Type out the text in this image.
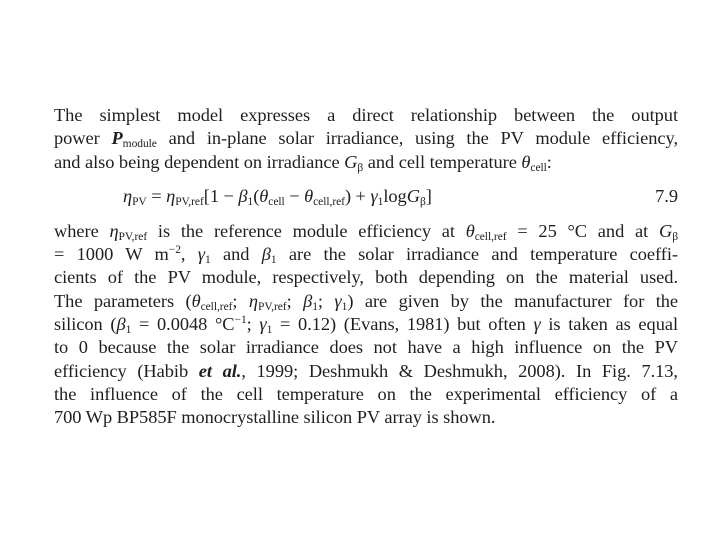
The simplest model expresses a direct relationship between the output
power $P_{module}$ and in-plane solar irradiance, using the PV module efficiency,
and also being dependent on irradiance $G_\beta$ and cell temperature $\theta_{cell}$:
$\eta_{PV} = \eta_{PV,ref}[1 - \beta_1(\theta_{cell} - \theta_{cell,ref}) + \gamma_1\log G_\beta]$	7.9
where $\eta_{PV,ref}$ is the reference module efficiency at $\theta_{cell,ref} = 25$ °C and at $G_\beta$
= 1000 W $m^{-2}$, $\gamma_1$ and $\beta_1$ are the solar irradiance and temperature coeffi-
cients of the PV module, respectively, both depending on the material used.
The parameters ($\theta_{cell,ref}$; $\eta_{PV,ref}$; $\beta_1$; $\gamma_1$) are given by the manufacturer for the
silicon ($\beta_1 = 0.0048$ $^\circ C^{-1}$; $\gamma_1 = 0.12$) (Evans, 1981) but often γ is taken as equal
to 0 because the solar irradiance does not have a high influence on the PV
efficiency (Habib et al., 1999; Deshmukh & Deshmukh, 2008). In Fig. 7.13,
the influence of the cell temperature on the experimental efficiency of a
700 Wp BP585F monocrystalline silicon PV array is shown.
